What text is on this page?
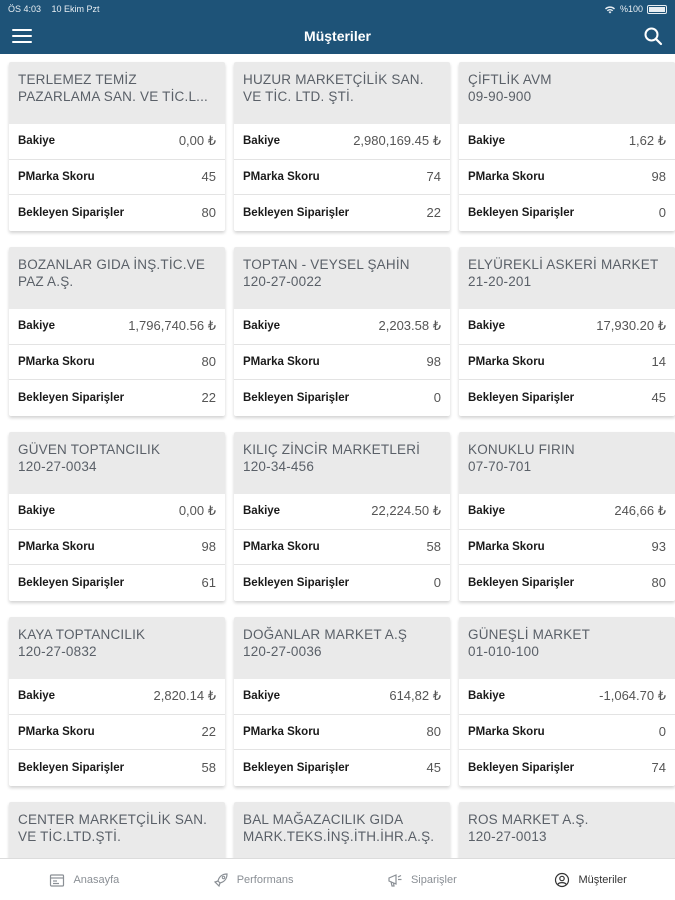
ÖS 4:03 10 Ekim Pzt	%100
Müşteriler
TERLEMEZ TEMİZ
PAZARLAMA SAN. VE TİC.L...
Bakiye	0,00 ₺
PMarka Skoru	45
Bekleyen Siparişler	80
HUZUR MARKETÇİLİK SAN.
VE TİC. LTD. ŞTİ.
Bakiye	2,980,169.45 ₺
PMarka Skoru	74
Bekleyen Siparişler	22
ÇİFTLİK AVM
09-90-900
Bakiye	1,62 ₺
PMarka Skoru	98
Bekleyen Siparişler	0
BOZANLAR GIDA İNŞ.TİC.VE
PAZ A.Ş.
Bakiye	1,796,740.56 ₺
PMarka Skoru	80
Bekleyen Siparişler	22
TOPTAN - VEYSEL ŞAHİN
120-27-0022
Bakiye	2,203.58 ₺
PMarka Skoru	98
Bekleyen Siparişler	0
ELYÜREKLİ ASKERİ MARKET
21-20-201
Bakiye	17,930.20 ₺
PMarka Skoru	14
Bekleyen Siparişler	45
GÜVEN TOPTANCILIK
120-27-0034
Bakiye	0,00 ₺
PMarka Skoru	98
Bekleyen Siparişler	61
KILIÇ ZİNCİR MARKETLERİ
120-34-456
Bakiye	22,224.50 ₺
PMarka Skoru	58
Bekleyen Siparişler	0
KONUKLU FIRIN
07-70-701
Bakiye	246,66 ₺
PMarka Skoru	93
Bekleyen Siparişler	80
KAYA TOPTANCILIK
120-27-0832
Bakiye	2,820.14 ₺
PMarka Skoru	22
Bekleyen Siparişler	58
DOĞANLAR MARKET A.Ş
120-27-0036
Bakiye	614,82 ₺
PMarka Skoru	80
Bekleyen Siparişler	45
GÜNEŞLİ MARKET
01-010-100
Bakiye	-1,064.70 ₺
PMarka Skoru	0
Bekleyen Siparişler	74
CENTER MARKETÇİLİK SAN.
VE TİC.LTD.ŞTİ.
BAL MAĞAZACILIK GIDA
MARK.TEKS.İNŞ.İTH.İHR.A.Ş.
ROS MARKET A.Ş.
120-27-0013
Anasayfa	Performans	Siparişler	Müşteriler
